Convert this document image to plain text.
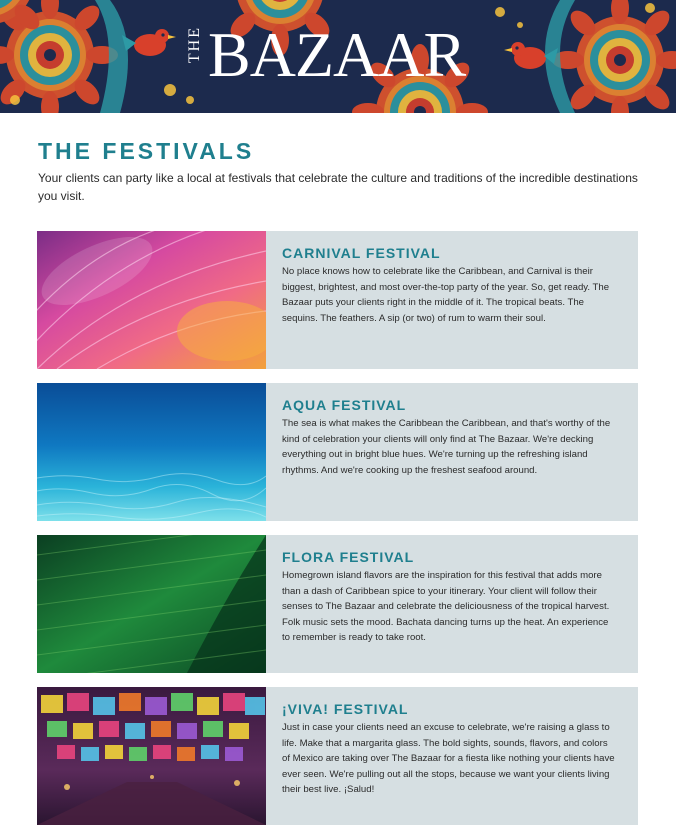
THE BAZAAR
THE FESTIVALS

Your clients can party like a local at festivals that celebrate the culture and traditions of the incredible destinations you visit.

CARNIVAL FESTIVAL

No place knows how to celebrate like the Caribbean, and Carnival is their biggest, brightest, and most over-the-top party of the year. So, get ready. The Bazaar puts your clients right in the middle of it. The tropical beats. The sequins. The feathers. A sip (or two) of rum to warm their soul.

AQUA FESTIVAL

The sea is what makes the Caribbean the Caribbean, and that's worthy of the kind of celebration your clients will only find at The Bazaar. We're decking everything out in bright blue hues. We're turning up the refreshing island rhythms. And we're cooking up the freshest seafood around.

FLORA FESTIVAL

Homegrown island flavors are the inspiration for this festival that adds more than a dash of Caribbean spice to your itinerary. Your client will follow their senses to The Bazaar and celebrate the deliciousness of the tropical harvest. Folk music sets the mood. Bachata dancing turns up the heat. An experience to remember is ready to take root.

¡VIVA! FESTIVAL

Just in case your clients need an excuse to celebrate, we're raising a glass to life. Make that a margarita glass. The bold sights, sounds, flavors, and colors of Mexico are taking over The Bazaar for a fiesta like nothing your clients have ever seen. We're pulling out all the stops, because we want your clients living their best live. ¡Salud!
